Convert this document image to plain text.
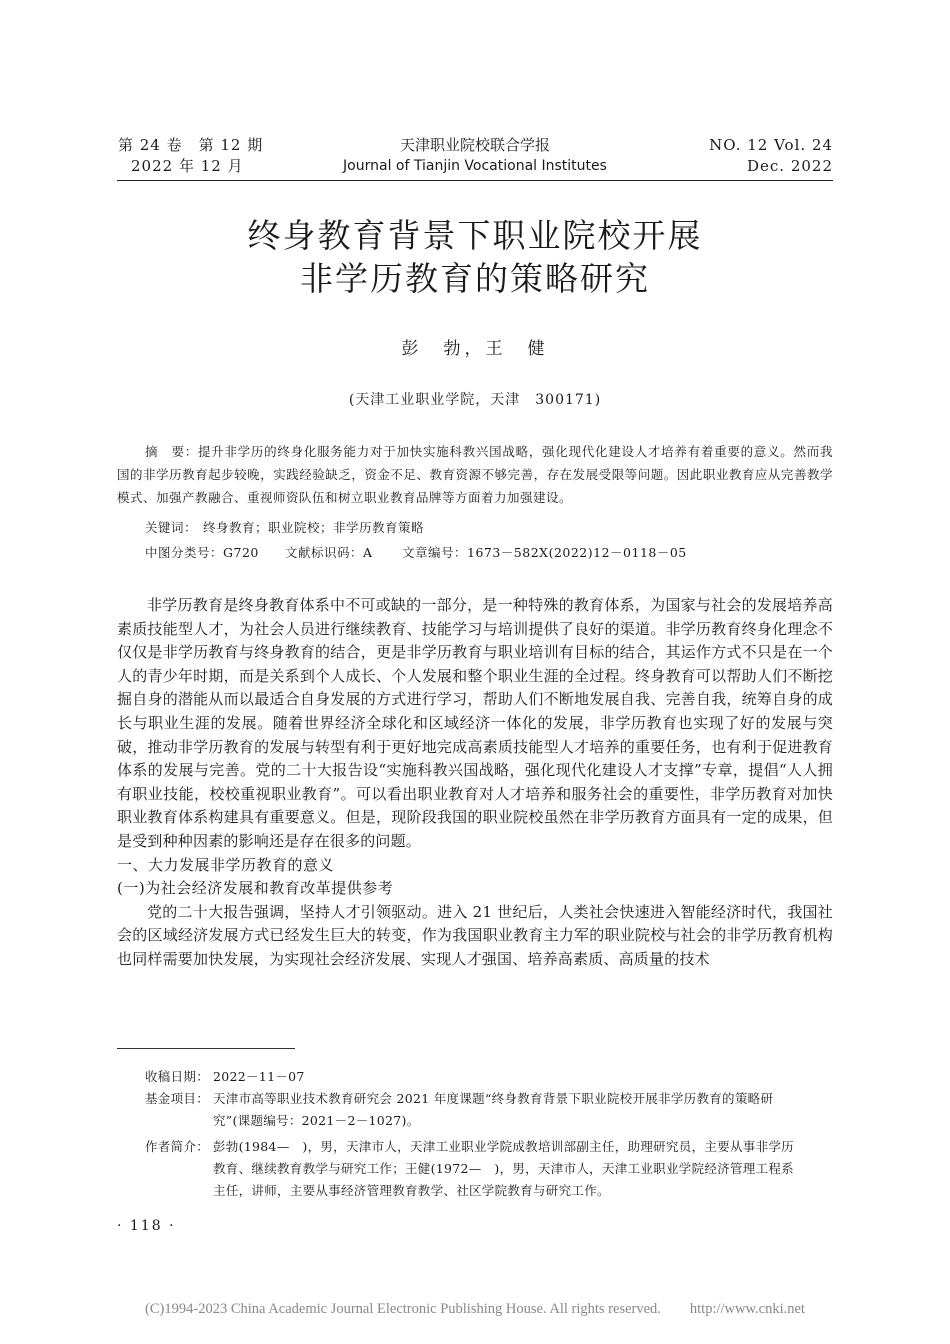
第 24 卷　第 12 期
2022 年 12 月
天津职业院校联合学报
Journal of Tianjin Vocational Institutes
NO. 12 Vol. 24
Dec. 2022
终身教育背景下职业院校开展
非学历教育的策略研究
彭　勃，王　健
(天津工业职业学院，天津　300171)
摘　要：提升非学历的终身化服务能力对于加快实施科教兴国战略，强化现代化建设人才培养有着重要的意义。然而我国的非学历教育起步较晚，实践经验缺乏，资金不足、教育资源不够完善，存在发展受限等问题。因此职业教育应从完善教学模式、加强产教融合、重视师资队伍和树立职业教育品牌等方面着力加强建设。
关键词： 终身教育；职业院校；非学历教育策略
中图分类号：G720 文献标识码：A 文章编号：1673－582X(2022)12－0118－05

非学历教育是终身教育体系中不可或缺的一部分，是一种特殊的教育体系，为国家与社会的发展培养高素质技能型人才，为社会人员进行继续教育、技能学习与培训提供了良好的渠道。非学历教育终身化理念不仅仅是非学历教育与终身教育的结合，更是非学历教育与职业培训有目标的结合，其运作方式不只是在一个人的青少年时期，而是关系到个人成长、个人发展和整个职业生涯的全过程。终身教育可以帮助人们不断挖掘自身的潜能从而以最适合自身发展的方式进行学习，帮助人们不断地发展自我、完善自我，统筹自身的成长与职业生涯的发展。随着世界经济全球化和区域经济一体化的发展，非学历教育也实现了好的发展与突破，推动非学历教育的发展与转型有利于更好地完成高素质技能型人才培养的重要任务，也有利于促进教育体系的发展与完善。党的二十大报告设“实施科教兴国战略，强化现代化建设人才支撑”专章，提倡“人人拥有职业技能，校校重视职业教育”。可以看出职业教育对人才培养和服务社会的重要性，非学历教育对加快职业教育体系构建具有重要意义。但是，现阶段我国的职业院校虽然在非学历教育方面具有一定的成果，但是受到种种因素的影响还是存在很多的问题。

一、大力发展非学历教育的意义
(一)为社会经济发展和教育改革提供参考

党的二十大报告强调，坚持人才引领驱动。进入 21 世纪后，人类社会快速进入智能经济时代，我国社会的区域经济发展方式已经发生巨大的转变，作为我国职业教育主力军的职业院校与社会的非学历教育机构也同样需要加快发展，为实现社会经济发展、实现人才强国、培养高素质、高质量的技术

收稿日期： 2022－11－07
基金项目： 天津市高等职业技术教育研究会 2021 年度课题“终身教育背景下职业院校开展非学历教育的策略研究”(课题编号：2021－2－1027)。
作者简介： 彭勃(1984—　)，男，天津市人，天津工业职业学院成教培训部副主任，助理研究员，主要从事非学历教育、继续教育教学与研究工作；王健(1972—　)，男，天津市人，天津工业职业学院经济管理工程系主任，讲师，主要从事经济管理教育教学、社区学院教育与研究工作。
· 118 ·
(C)1994-2023 China Academic Journal Electronic Publishing House. All rights reserved.　　http://www.cnki.net
